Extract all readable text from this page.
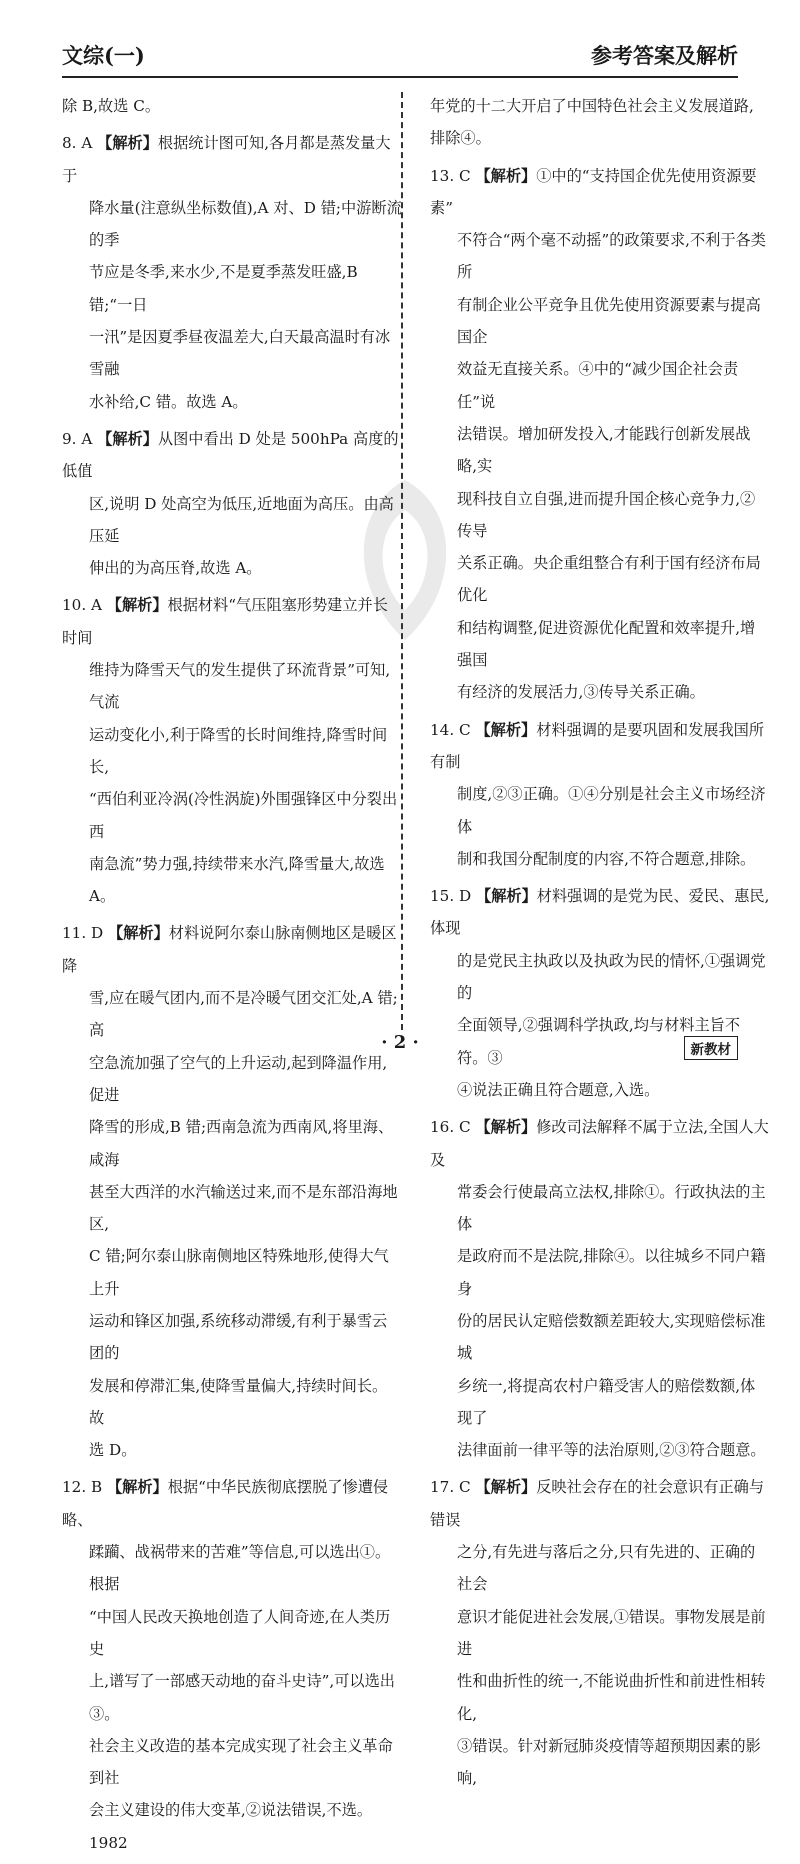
文综(一)	参考答案及解析
除 B,故选 C。
8. A 【解析】根据统计图可知,各月都是蒸发量大于
降水量(注意纵坐标数值),A 对、D 错;中游断流的季
节应是冬季,来水少,不是夏季蒸发旺盛,B 错;“一日
一汛”是因夏季昼夜温差大,白天最高温时有冰雪融
水补给,C 错。故选 A。
9. A 【解析】从图中看出 D 处是 500hPa 高度的低值
区,说明 D 处高空为低压,近地面为高压。由高压延
伸出的为高压脊,故选 A。
10. A 【解析】根据材料“气压阻塞形势建立并长时间
维持为降雪天气的发生提供了环流背景”可知,气流
运动变化小,利于降雪的长时间维持,降雪时间长,
“西伯利亚冷涡(冷性涡旋)外围强锋区中分裂出西
南急流”势力强,持续带来水汽,降雪量大,故选 A。
11. D 【解析】材料说阿尔泰山脉南侧地区是暖区降
雪,应在暖气团内,而不是冷暖气团交汇处,A 错;高
空急流加强了空气的上升运动,起到降温作用,促进
降雪的形成,B 错;西南急流为西南风,将里海、咸海
甚至大西洋的水汽输送过来,而不是东部沿海地区,
C 错;阿尔泰山脉南侧地区特殊地形,使得大气上升
运动和锋区加强,系统移动滞缓,有利于暴雪云团的
发展和停滞汇集,使降雪量偏大,持续时间长。故
选 D。
12. B 【解析】根据“中华民族彻底摆脱了惨遭侵略、
蹂躏、战祸带来的苦难”等信息,可以选出①。根据
“中国人民改天换地创造了人间奇迹,在人类历史
上,谱写了一部感天动地的奋斗史诗”,可以选出③。
社会主义改造的基本完成实现了社会主义革命到社
会主义建设的伟大变革,②说法错误,不选。1982
年党的十二大开启了中国特色社会主义发展道路,
排除④。
13. C 【解析】①中的“支持国企优先使用资源要素”
不符合“两个毫不动摇”的政策要求,不利于各类所
有制企业公平竞争且优先使用资源要素与提高国企
效益无直接关系。④中的“减少国企社会责任”说
法错误。增加研发投入,才能践行创新发展战略,实
现科技自立自强,进而提升国企核心竞争力,②传导
关系正确。央企重组整合有利于国有经济布局优化
和结构调整,促进资源优化配置和效率提升,增强国
有经济的发展活力,③传导关系正确。
14. C 【解析】材料强调的是要巩固和发展我国所有制
制度,②③正确。①④分别是社会主义市场经济体
制和我国分配制度的内容,不符合题意,排除。
15. D 【解析】材料强调的是党为民、爱民、惠民,体现
的是党民主执政以及执政为民的情怀,①强调党的
全面领导,②强调科学执政,均与材料主旨不符。③
④说法正确且符合题意,入选。
16. C 【解析】修改司法解释不属于立法,全国人大及
常委会行使最高立法权,排除①。行政执法的主体
是政府而不是法院,排除④。以往城乡不同户籍身
份的居民认定赔偿数额差距较大,实现赔偿标准城
乡统一,将提高农村户籍受害人的赔偿数额,体现了
法律面前一律平等的法治原则,②③符合题意。
17. C 【解析】反映社会存在的社会意识有正确与错误
之分,有先进与落后之分,只有先进的、正确的社会
意识才能促进社会发展,①错误。事物发展是前进
性和曲折性的统一,不能说曲折性和前进性相转化,
③错误。针对新冠肺炎疫情等超预期因素的影响,
· 2 ·	新教材
